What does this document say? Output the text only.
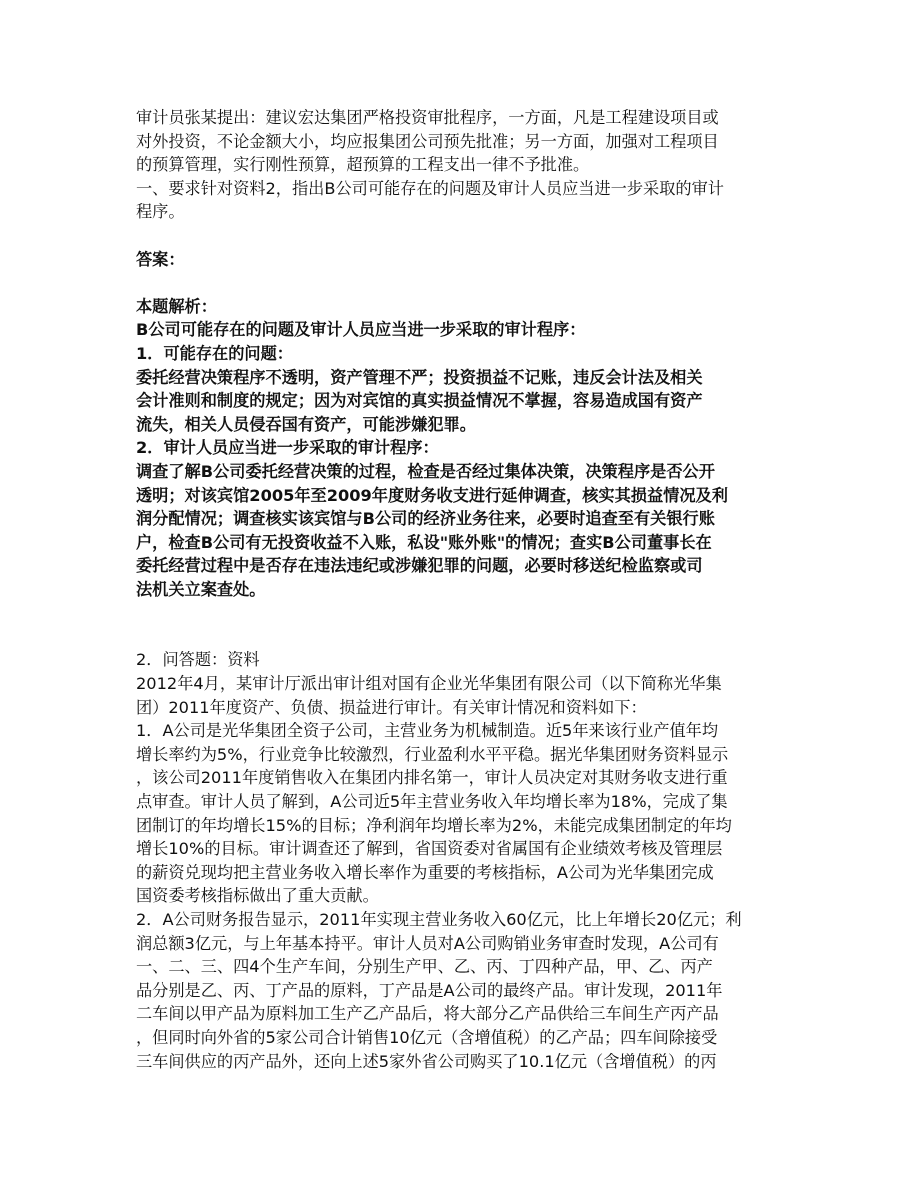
审计员张某提出：建议宏达集团严格投资审批程序，一方面，凡是工程建设项目或
对外投资，不论金额大小，均应报集团公司预先批准；另一方面，加强对工程项目
的预算管理，实行刚性预算，超预算的工程支出一律不予批准。
一、要求针对资料2，指出B公司可能存在的问题及审计人员应当进一步采取的审计
程序。
答案：
本题解析：
B公司可能存在的问题及审计人员应当进一步采取的审计程序：
1．可能存在的问题：
委托经营决策程序不透明，资产管理不严；投资损益不记账，违反会计法及相关
会计准则和制度的规定；因为对宾馆的真实损益情况不掌握，容易造成国有资产
流失，相关人员侵吞国有资产，可能涉嫌犯罪。
2．审计人员应当进一步采取的审计程序：
调查了解B公司委托经营决策的过程，检查是否经过集体决策，决策程序是否公开
透明；对该宾馆2005年至2009年度财务收支进行延伸调查，核实其损益情况及利
润分配情况；调查核实该宾馆与B公司的经济业务往来，必要时追查至有关银行账
户，检查B公司有无投资收益不入账，私设"账外账"的情况；查实B公司董事长在
委托经营过程中是否存在违法违纪或涉嫌犯罪的问题，必要时移送纪检监察或司
法机关立案查处。
2．问答题：资料
2012年4月，某审计厅派出审计组对国有企业光华集团有限公司（以下简称光华集
团）2011年度资产、负债、损益进行审计。有关审计情况和资料如下：
1．A公司是光华集团全资子公司，主营业务为机械制造。近5年来该行业产值年均
增长率约为5%，行业竞争比较激烈，行业盈利水平平稳。据光华集团财务资料显示
，该公司2011年度销售收入在集团内排名第一，审计人员决定对其财务收支进行重
点审查。审计人员了解到，A公司近5年主营业务收入年均增长率为18%，完成了集
团制订的年均增长15%的目标；净利润年均增长率为2%，未能完成集团制定的年均
增长10%的目标。审计调查还了解到，省国资委对省属国有企业绩效考核及管理层
的薪资兑现均把主营业务收入增长率作为重要的考核指标，A公司为光华集团完成
国资委考核指标做出了重大贡献。
2．A公司财务报告显示，2011年实现主营业务收入60亿元，比上年增长20亿元；利
润总额3亿元，与上年基本持平。审计人员对A公司购销业务审查时发现，A公司有
一、二、三、四4个生产车间，分别生产甲、乙、丙、丁四种产品，甲、乙、丙产
品分别是乙、丙、丁产品的原料，丁产品是A公司的最终产品。审计发现，2011年
二车间以甲产品为原料加工生产乙产品后，将大部分乙产品供给三车间生产丙产品
，但同时向外省的5家公司合计销售10亿元（含增值税）的乙产品；四车间除接受
三车间供应的丙产品外，还向上述5家外省公司购买了10.1亿元（含增值税）的丙
